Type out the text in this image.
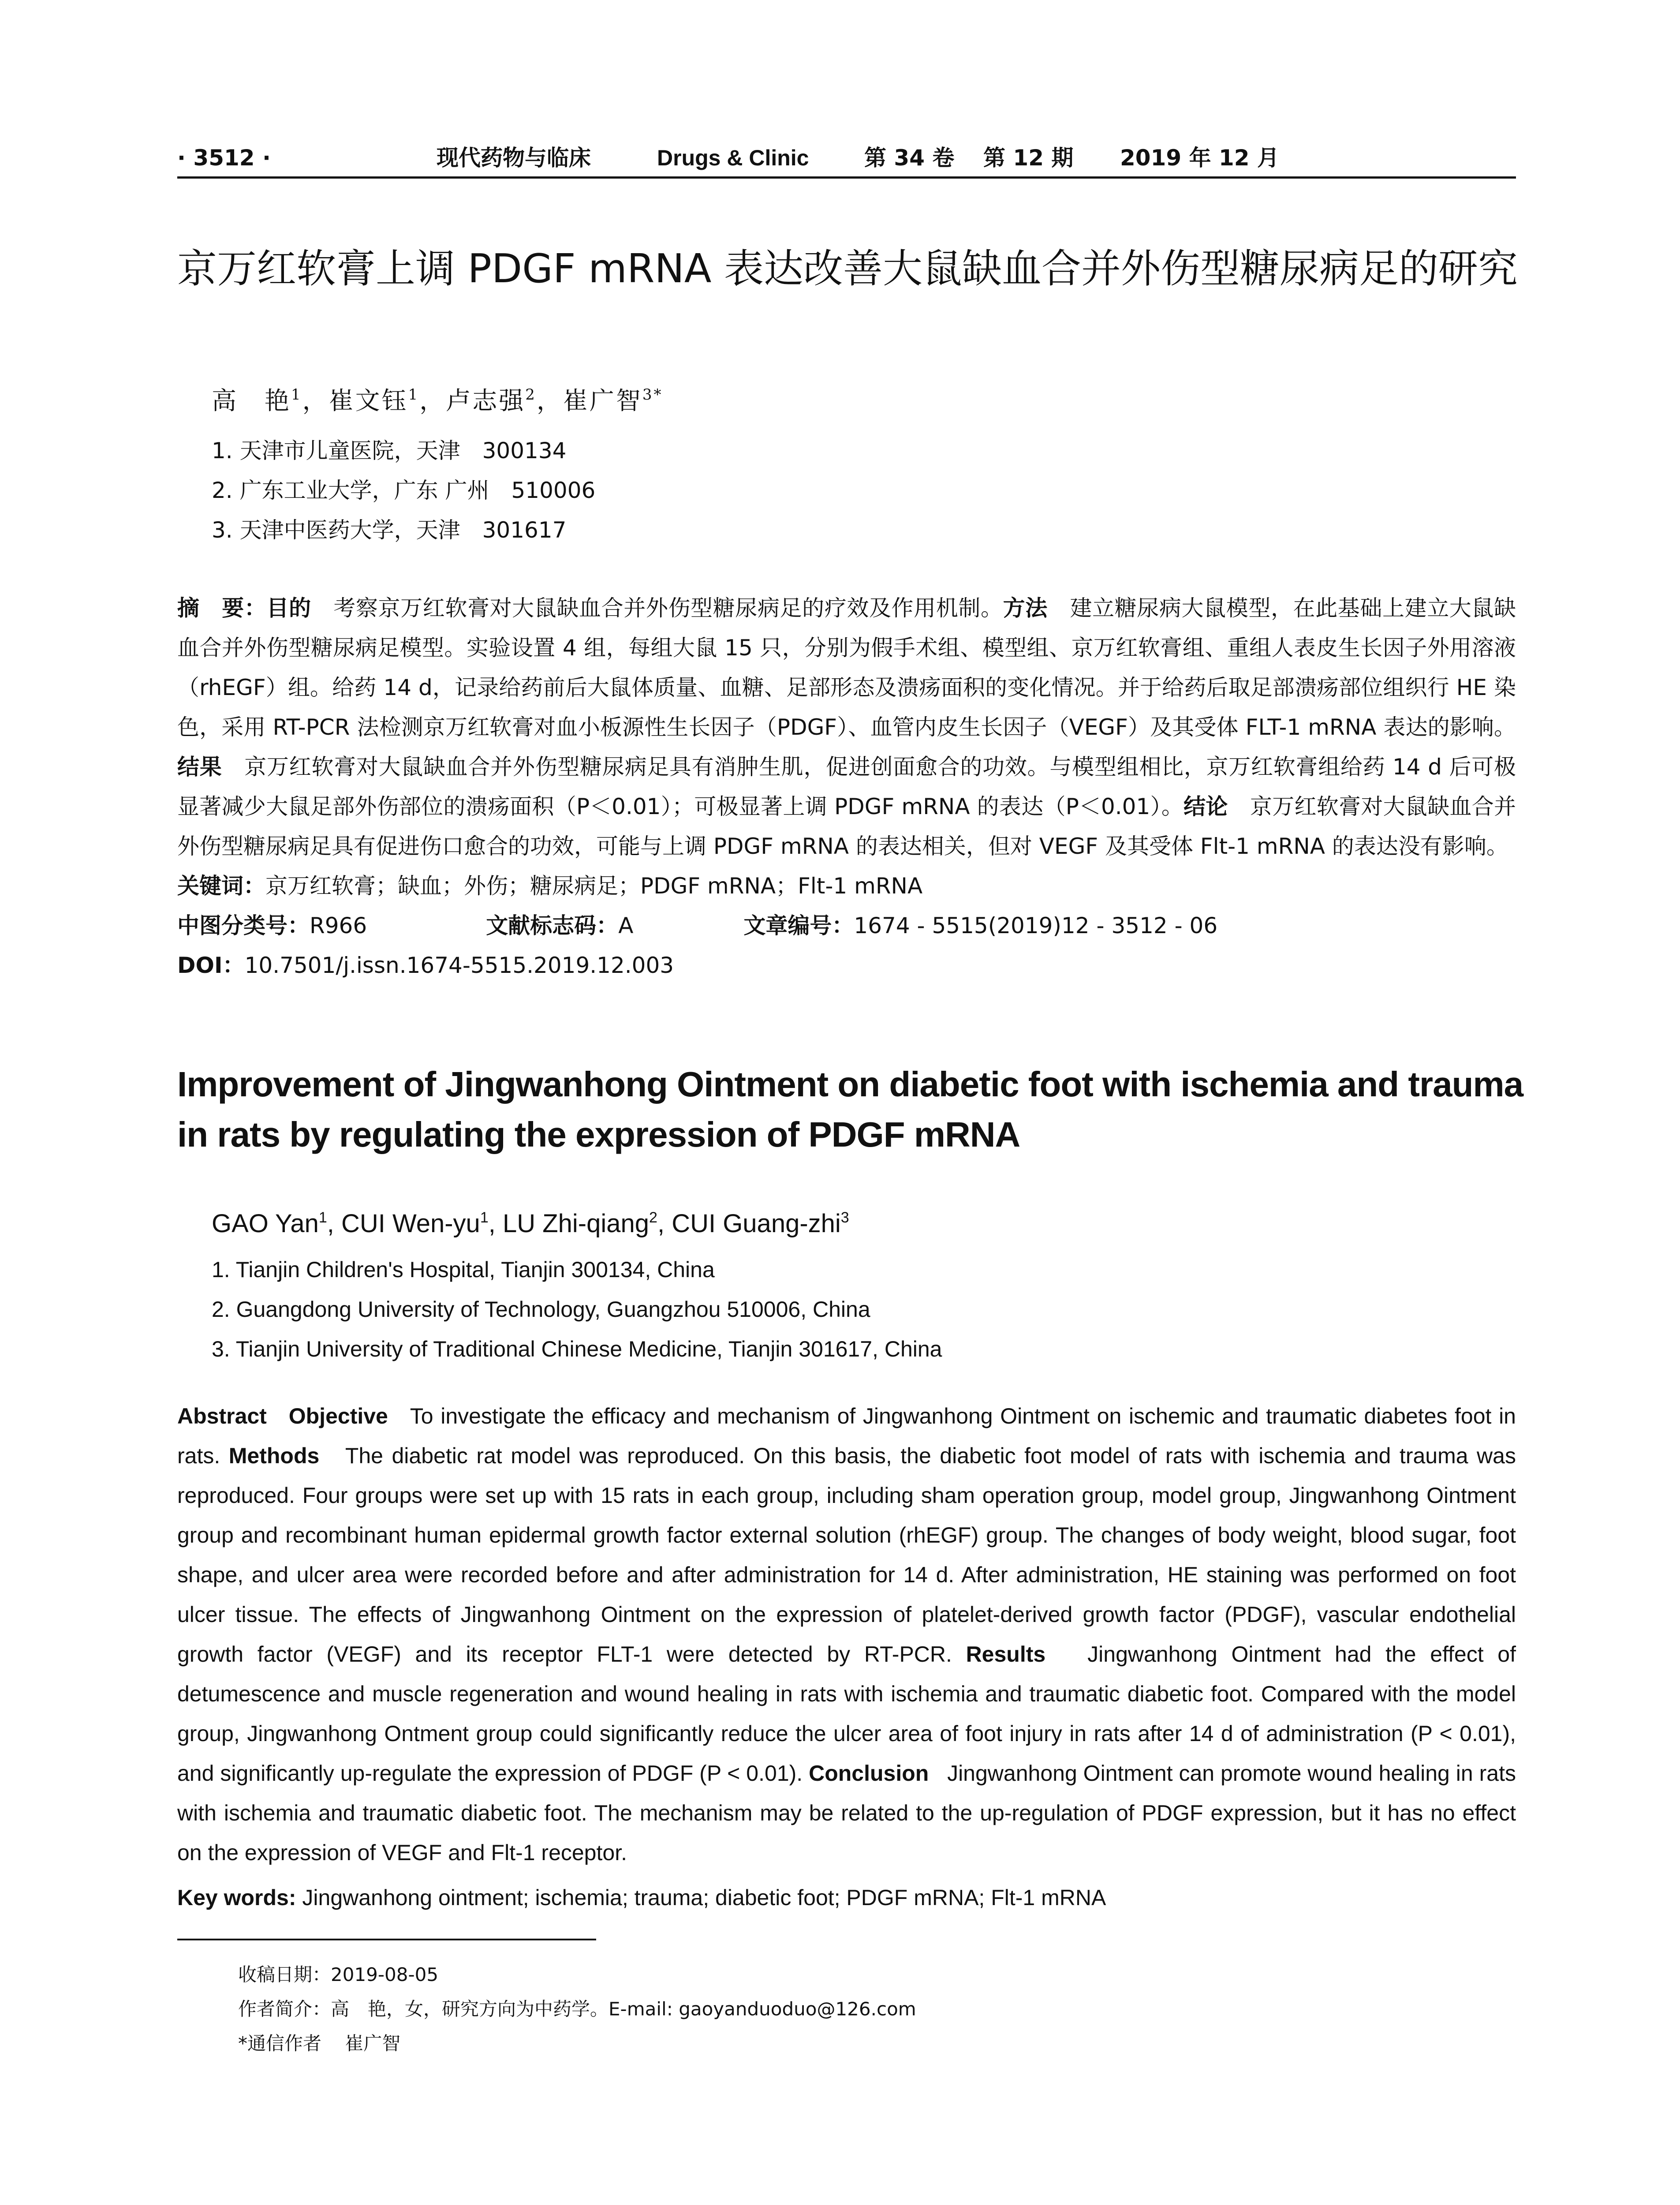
· 3512 ·	现代药物与临床	Drugs & Clinic	第 34 卷 第 12 期 2019 年 12 月
京万红软膏上调 PDGF mRNA 表达改善大鼠缺血合并外伤型糖尿病足的研究
高　艳$^1$，崔文钰$^1$，卢志强$^2$，崔广智$^{3*}$
1. 天津市儿童医院，天津　300134
2. 广东工业大学，广东 广州　510006
3. 天津中医药大学，天津　301617
摘　要：目的　考察京万红软膏对大鼠缺血合并外伤型糖尿病足的疗效及作用机制。方法　建立糖尿病大鼠模型，在此基础上建立大鼠缺血合并外伤型糖尿病足模型。实验设置 4 组，每组大鼠 15 只，分别为假手术组、模型组、京万红软膏组、重组人表皮生长因子外用溶液（rhEGF）组。给药 14 d，记录给药前后大鼠体质量、血糖、足部形态及溃疡面积的变化情况。并于给药后取足部溃疡部位组织行 HE 染色，采用 RT-PCR 法检测京万红软膏对血小板源性生长因子（PDGF）、血管内皮生长因子（VEGF）及其受体 FLT-1 mRNA 表达的影响。结果　京万红软膏对大鼠缺血合并外伤型糖尿病足具有消肿生肌，促进创面愈合的功效。与模型组相比，京万红软膏组给药 14 d 后可极显著减少大鼠足部外伤部位的溃疡面积（P＜0.01）；可极显著上调 PDGF mRNA 的表达（P＜0.01）。结论　京万红软膏对大鼠缺血合并外伤型糖尿病足具有促进伤口愈合的功效，可能与上调 PDGF mRNA 的表达相关，但对 VEGF 及其受体 Flt-1 mRNA 的表达没有影响。
关键词：京万红软膏；缺血；外伤；糖尿病足；PDGF mRNA；Flt-1 mRNA
中图分类号：R966	文献标志码：A	文章编号：1674 - 5515(2019)12 - 3512 - 06
DOI：10.7501/j.issn.1674-5515.2019.12.003
Improvement of Jingwanhong Ointment on diabetic foot with ischemia and trauma in rats by regulating the expression of PDGF mRNA
GAO Yan$^1$, CUI Wen-$yu^1$, LU Zhi-qiang$^2$, CUI Guang-zhi$^3$
1. Tianjin Children's Hospital, Tianjin 300134, China
2. Guangdong University of Technology, Guangzhou 510006, China
3. Tianjin University of Traditional Chinese Medicine, Tianjin 301617, China
Abstract Objective To investigate the efficacy and mechanism of Jingwanhong Ointment on ischemic and traumatic diabetes foot in rats. Methods The diabetic rat model was reproduced. On this basis, the diabetic foot model of rats with ischemia and trauma was reproduced. Four groups were set up with 15 rats in each group, including sham operation group, model group, Jingwanhong Ointment group and recombinant human epidermal growth factor external solution (rhEGF) group. The changes of body weight, blood sugar, foot shape, and ulcer area were recorded before and after administration for 14 d. After administration, HE staining was performed on foot ulcer tissue. The effects of Jingwanhong Ointment on the expression of platelet-derived growth factor (PDGF), vascular endothelial growth factor (VEGF) and its receptor FLT-1 were detected by RT-PCR. Results Jingwanhong Ointment had the effect of detumescence and muscle regeneration and wound healing in rats with ischemia and traumatic diabetic foot. Compared with the model group, Jingwanhong Ontment group could significantly reduce the ulcer area of foot injury in rats after 14 d of administration (P < 0.01), and significantly up-regulate the expression of PDGF (P < 0.01). Conclusion Jingwanhong Ointment can promote wound healing in rats with ischemia and traumatic diabetic foot. The mechanism may be related to the up-regulation of PDGF expression, but it has no effect on the expression of VEGF and Flt-1 receptor.
Key words: Jingwanhong ointment; ischemia; trauma; diabetic foot; PDGF mRNA; Flt-1 mRNA
收稿日期：2019-08-05
作者简介：高　艳，女，研究方向为中药学。E-mail: gaoyanduoduo@126.com
*通信作者 崔广智
